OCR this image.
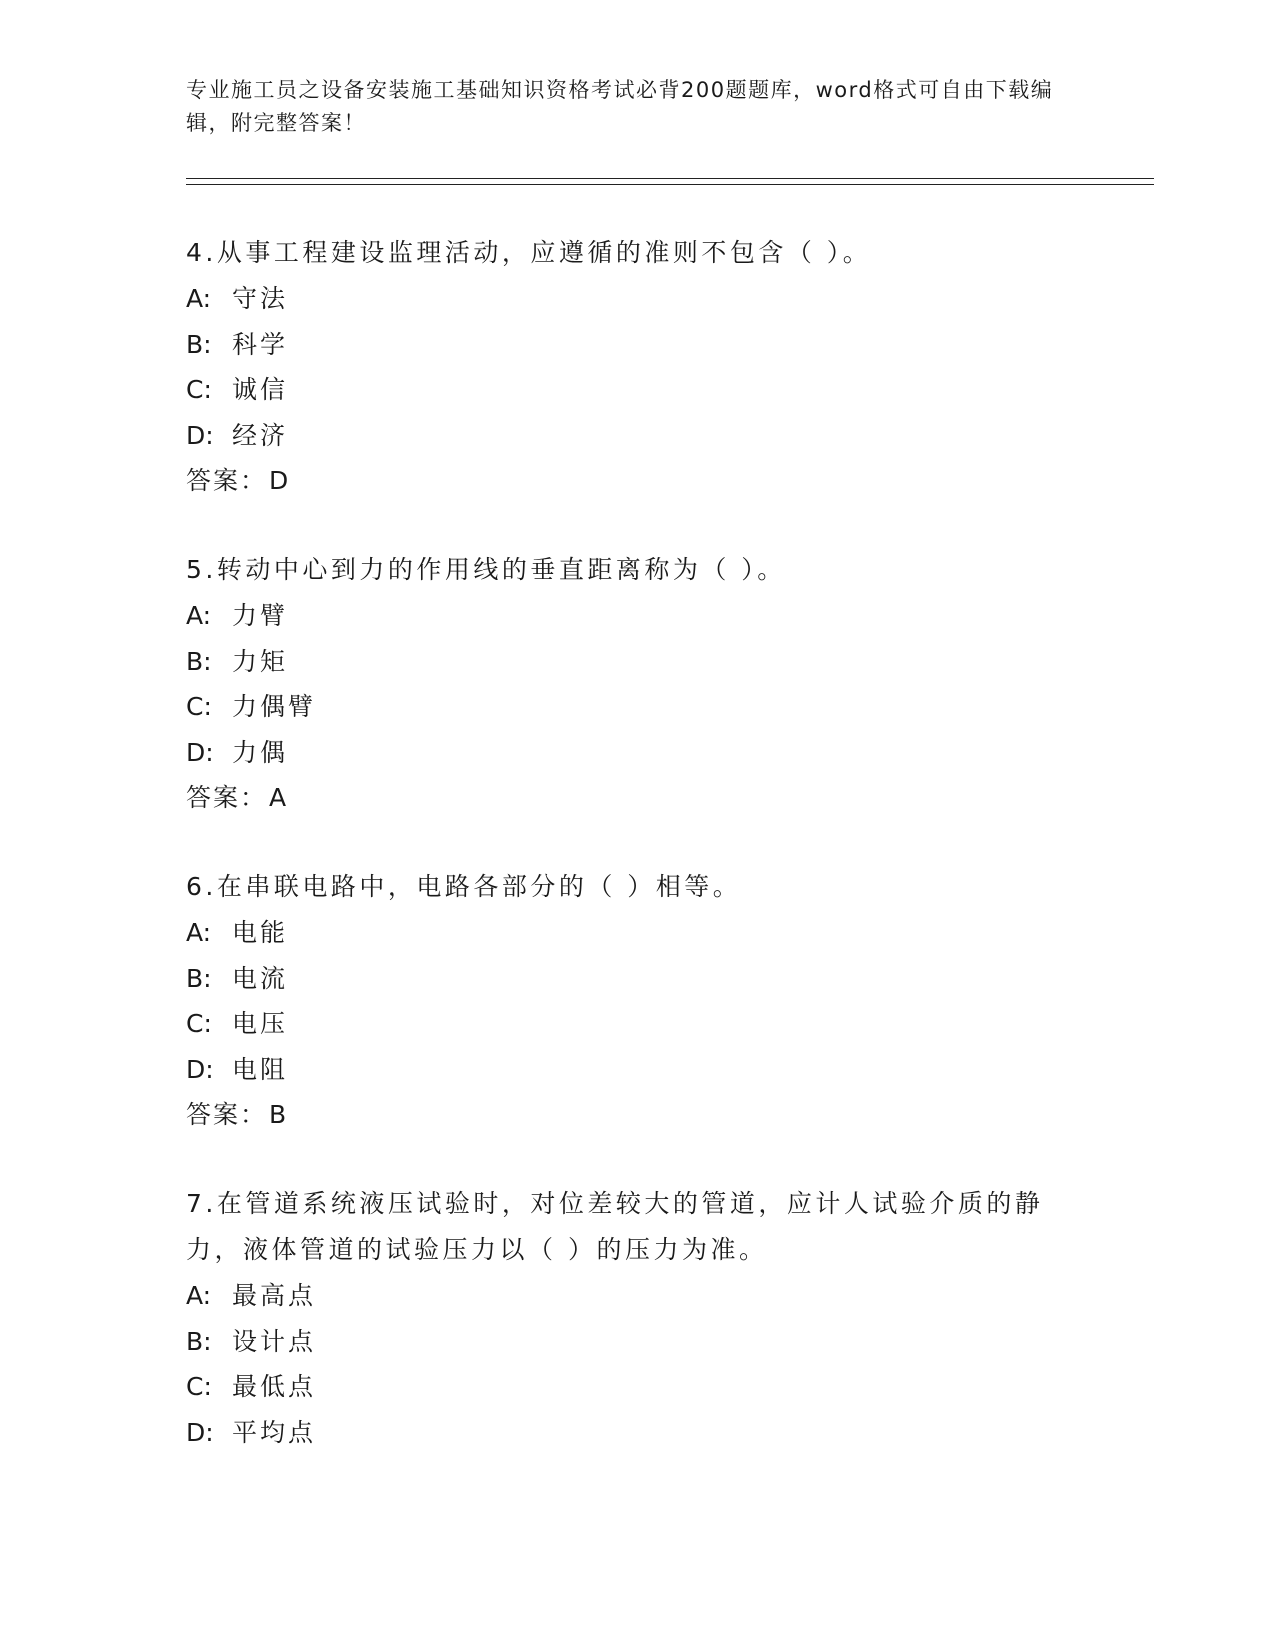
专业施工员之设备安装施工基础知识资格考试必背200题题库，word格式可自由下载编辑，附完整答案！
4.从事工程建设监理活动，应遵循的准则不包含（ ）。
A: 守法
B: 科学
C: 诚信
D: 经济
答案：D
5.转动中心到力的作用线的垂直距离称为（ ）。
A: 力臂
B: 力矩
C: 力偶臂
D: 力偶
答案：A
6.在串联电路中，电路各部分的（ ）相等。
A: 电能
B: 电流
C: 电压
D: 电阻
答案：B
7.在管道系统液压试验时，对位差较大的管道，应计人试验介质的静力，液体管道的试验压力以（ ）的压力为准。
A: 最高点
B: 设计点
C: 最低点
D: 平均点
